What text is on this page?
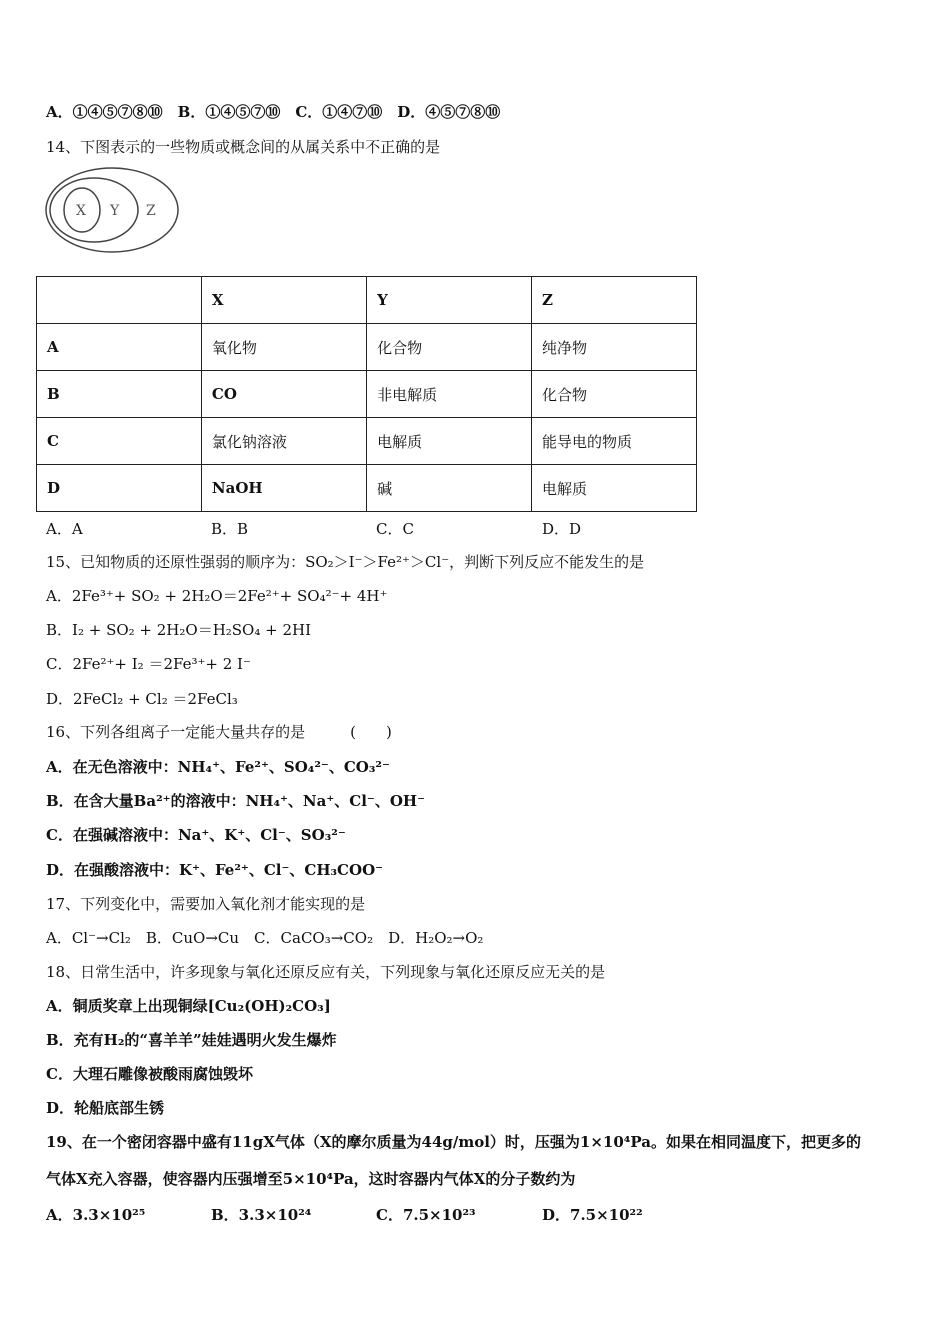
A．①④⑤⑦⑧⑩　B．①④⑤⑦⑩　C．①④⑦⑩　D．④⑤⑦⑧⑩
14、下图表示的一些物质或概念间的从属关系中不正确的是
X Y Z
	X	Y	Z
A	氧化物	化合物	纯净物
B	CO	非电解质	化合物
C	氯化钠溶液	电解质	能导电的物质
D	NaOH	碱	电解质
A．A	B．B	C．C	D．D
15、已知物质的还原性强弱的顺序为：SO₂＞I⁻＞Fe²⁺＞Cl⁻，判断下列反应不能发生的是
A．2Fe³⁺+ SO₂ + 2H₂O＝2Fe²⁺+ SO₄²⁻+ 4H⁺
B．I₂ + SO₂ + 2H₂O＝H₂SO₄ + 2HI
C．2Fe²⁺+ I₂ ＝2Fe³⁺+ 2 I⁻
D．2FeCl₂ + Cl₂ ＝2FeCl₃
16、下列各组离子一定能大量共存的是　　　(　　)
A．在无色溶液中：NH₄⁺、Fe²⁺、SO₄²⁻、CO₃²⁻
B．在含大量Ba²⁺的溶液中：NH₄⁺、Na⁺、Cl⁻、OH⁻
C．在强碱溶液中：Na⁺、K⁺、Cl⁻、SO₃²⁻
D．在强酸溶液中：K⁺、Fe²⁺、Cl⁻、CH₃COO⁻
17、下列变化中，需要加入氧化剂才能实现的是
A．Cl⁻→Cl₂　B．CuO→Cu　C．CaCO₃→CO₂　D．H₂O₂→O₂
18、日常生活中，许多现象与氧化还原反应有关，下列现象与氧化还原反应无关的是
A．铜质奖章上出现铜绿[Cu₂(OH)₂CO₃]
B．充有H₂的“喜羊羊”娃娃遇明火发生爆炸
C．大理石雕像被酸雨腐蚀毁坏
D．轮船底部生锈
19、在一个密闭容器中盛有11gX气体（X的摩尔质量为44g/mol）时，压强为1×10⁴Pa。如果在相同温度下，把更多的
气体X充入容器，使容器内压强增至5×10⁴Pa，这时容器内气体X的分子数约为
A．3.3×10²⁵	B．3.3×10²⁴	C．7.5×10²³	D．7.5×10²²
